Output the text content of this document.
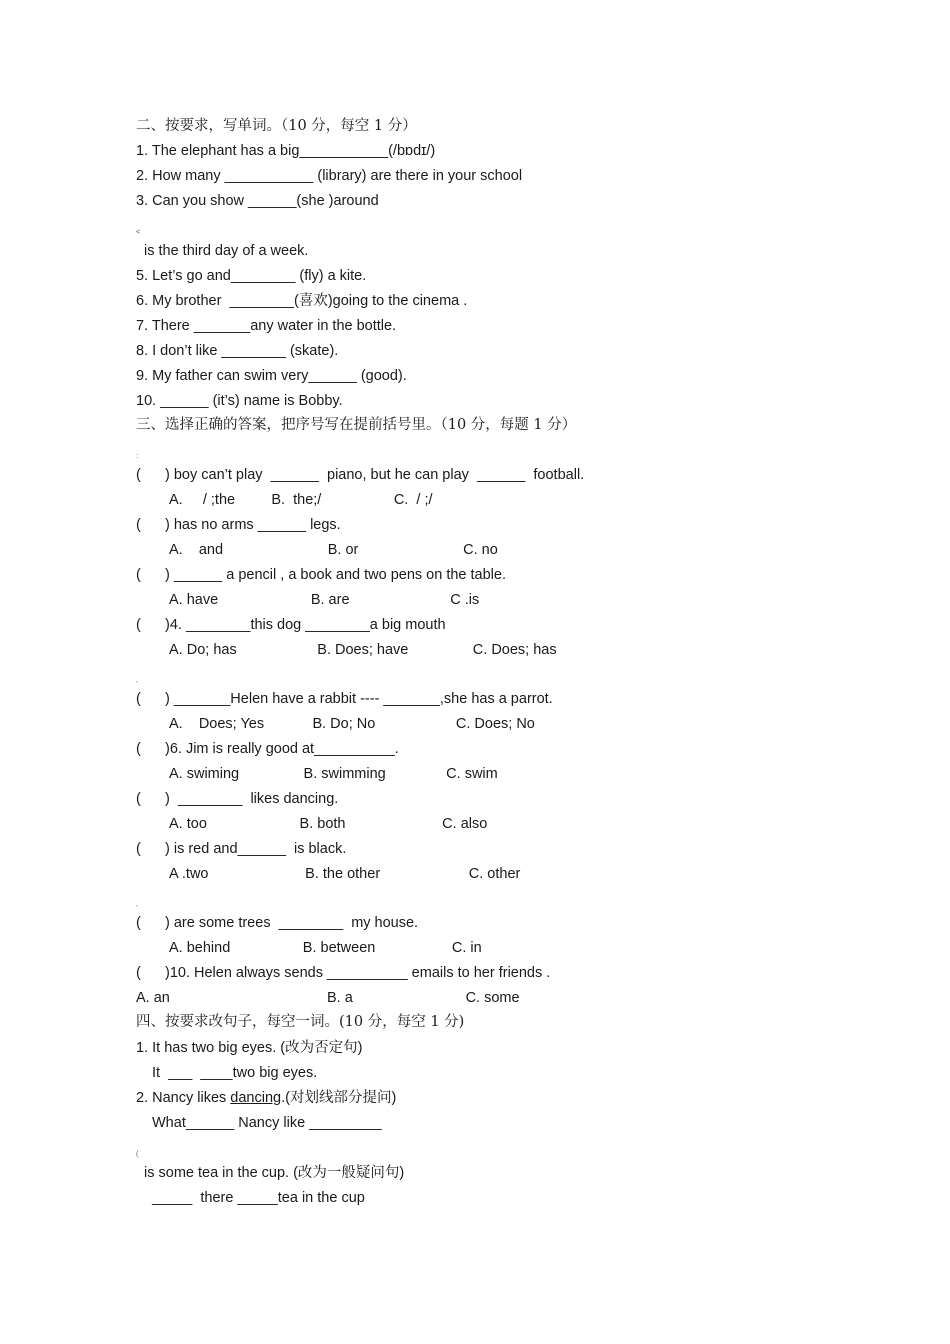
二、按要求，写单词。（10 分，每空 1 分）
1. The elephant has a big___________(/bɒdɪ/)
2. How many ___________ (library) are there in your school
3. Can you show ______(she )around
<
is the third day of a week.
5. Let’s go and________ (fly) a kite.
6. My brother  ________(喜欢)going to the cinema .
7. There _______any water in the bottle.
8. I don’t like ________ (skate).
9. My father can swim very______ (good).
10. ______ (it’s) name is Bobby.
三、选择正确的答案，把序号写在提前括号里。（10 分，每题 1 分）
:
(      ) boy can’t play  ______  piano, but he can play  ______  football.
A.     / ;the         B.  the;/                  C.  / ;/
(      ) has no arms ______ legs.
A.    and                          B. or                          C. no
(      ) ______ a pencil , a book and two pens on the table.
A. have                       B. are                         C .is
(      )4. ________this dog ________a big mouth
A. Do; has                    B. Does; have                C. Does; has
,
(      ) _______Helen have a rabbit ---- _______,she has a parrot.
A.    Does; Yes            B. Do; No                    C. Does; No
(      )6. Jim is really good at__________.
A. swiming                B. swimming               C. swim
(      )  ________  likes dancing.
A. too                       B. both                        C. also
(      ) is red and______  is black.
A .two                        B. the other                      C. other
,
(      ) are some trees  ________  my house.
A. behind                  B. between                   C. in
(      )10. Helen always sends __________ emails to her friends .
A. an                                       B. a                            C. some
四、按要求改句子，每空一词。(10 分，每空 1 分)
1. It has two big eyes. (改为否定句)
It  ___  ____two big eyes.
2. Nancy likes dancing.(对划线部分提问)
What______ Nancy like _________
(
is some tea in the cup. (改为一般疑问句)
_____  there _____tea in the cup
